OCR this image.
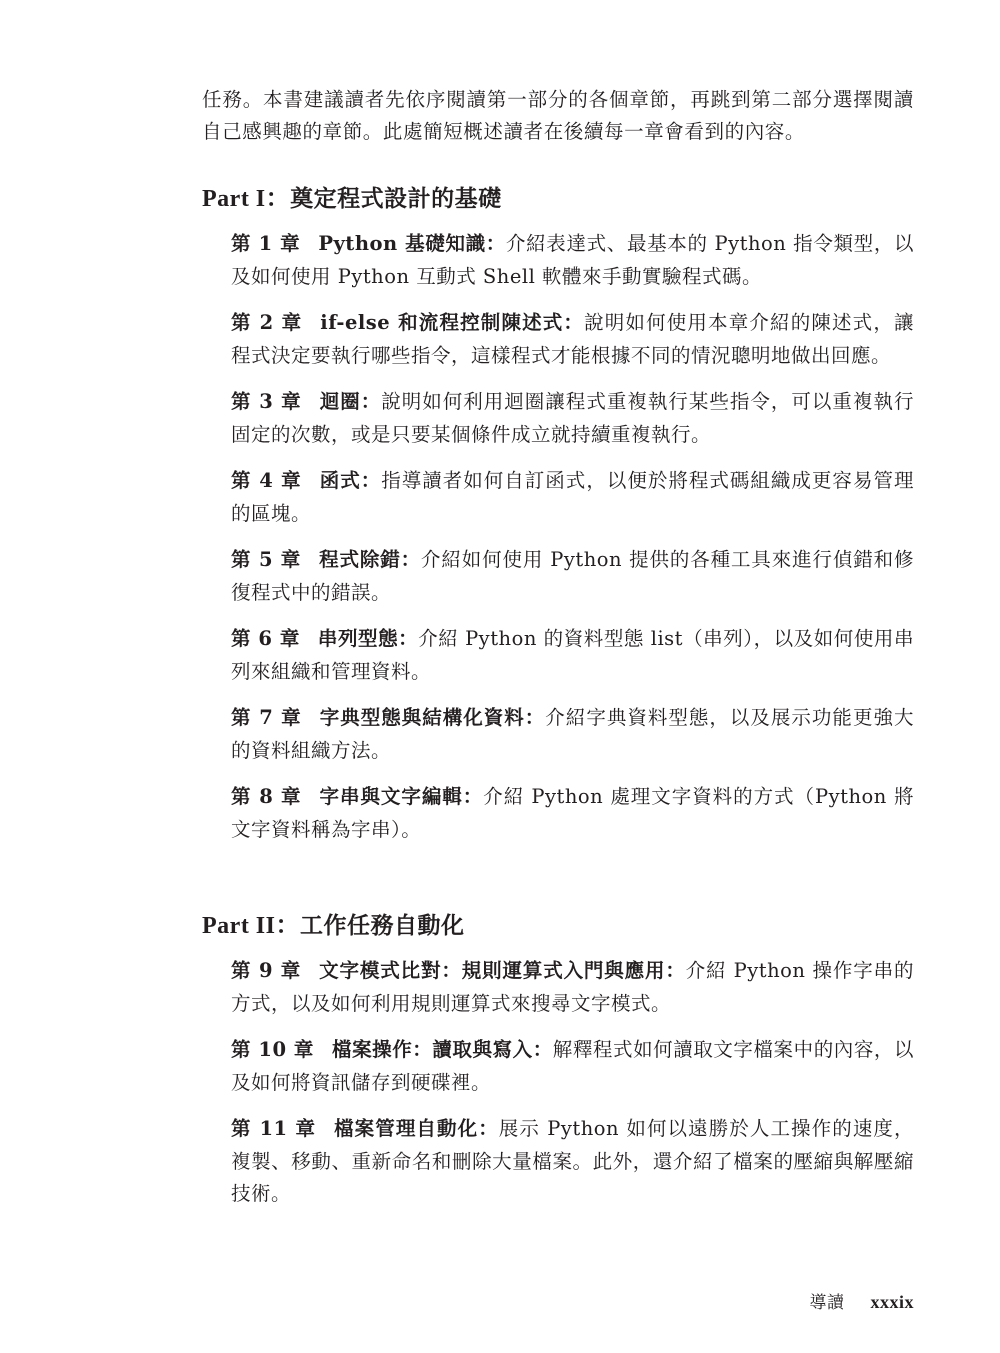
任務。本書建議讀者先依序閱讀第一部分的各個章節，再跳到第二部分選擇閱讀自己感興趣的章節。此處簡短概述讀者在後續每一章會看到的內容。

Part I：奠定程式設計的基礎
第 1 章 Python 基礎知識：介紹表達式、最基本的 Python 指令類型，以及如何使用 Python 互動式 Shell 軟體來手動實驗程式碼。
第 2 章 if-else 和流程控制陳述式：說明如何使用本章介紹的陳述式，讓程式決定要執行哪些指令，這樣程式才能根據不同的情況聰明地做出回應。
第 3 章 迴圈：說明如何利用迴圈讓程式重複執行某些指令，可以重複執行固定的次數，或是只要某個條件成立就持續重複執行。
第 4 章 函式：指導讀者如何自訂函式，以便於將程式碼組織成更容易管理的區塊。
第 5 章 程式除錯：介紹如何使用 Python 提供的各種工具來進行偵錯和修復程式中的錯誤。
第 6 章 串列型態：介紹 Python 的資料型態 list（串列），以及如何使用串列來組織和管理資料。
第 7 章 字典型態與結構化資料：介紹字典資料型態，以及展示功能更強大的資料組織方法。
第 8 章 字串與文字編輯：介紹 Python 處理文字資料的方式（Python 將文字資料稱為字串）。
Part II：工作任務自動化
第 9 章 文字模式比對：規則運算式入門與應用：介紹 Python 操作字串的方式，以及如何利用規則運算式來搜尋文字模式。
第 10 章 檔案操作：讀取與寫入：解釋程式如何讀取文字檔案中的內容，以及如何將資訊儲存到硬碟裡。
第 11 章 檔案管理自動化：展示 Python 如何以遠勝於人工操作的速度，複製、移動、重新命名和刪除大量檔案。此外，還介紹了檔案的壓縮與解壓縮技術。
導讀 xxxix
